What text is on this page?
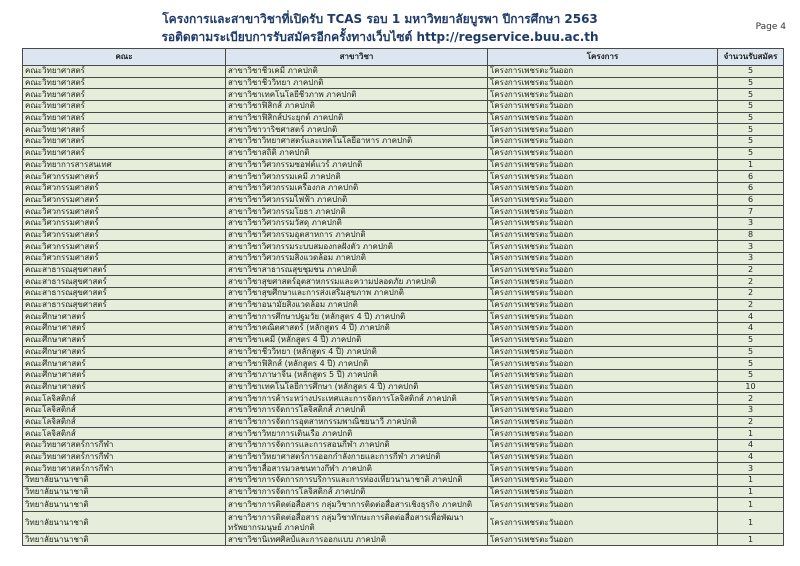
โครงการและสาขาวิชาที่เปิดรับ TCAS รอบ 1 มหาวิทยาลัยบูรพา ปีการศึกษา 2563
รอติดตามระเบียบการรับสมัครอีกครั้งทางเว็บไซต์ http://regservice.buu.ac.th
Page 4
คณะ	สาขาวิชา	โครงการ	จำนวนรับสมัคร
คณะวิทยาศาสตร์	สาขาวิชาชีวเคมี ภาคปกติ	โครงการเพชรตะวันออก	5
คณะวิทยาศาสตร์	สาขาวิชาชีววิทยา ภาคปกติ	โครงการเพชรตะวันออก	5
คณะวิทยาศาสตร์	สาขาวิชาเทคโนโลยีชีวภาพ ภาคปกติ	โครงการเพชรตะวันออก	5
คณะวิทยาศาสตร์	สาขาวิชาฟิสิกส์ ภาคปกติ	โครงการเพชรตะวันออก	5
คณะวิทยาศาสตร์	สาขาวิชาฟิสิกส์ประยุกต์ ภาคปกติ	โครงการเพชรตะวันออก	5
คณะวิทยาศาสตร์	สาขาวิชาวาริชศาสตร์ ภาคปกติ	โครงการเพชรตะวันออก	5
คณะวิทยาศาสตร์	สาขาวิชาวิทยาศาสตร์และเทคโนโลยีอาหาร ภาคปกติ	โครงการเพชรตะวันออก	5
คณะวิทยาศาสตร์	สาขาวิชาสถิติ ภาคปกติ	โครงการเพชรตะวันออก	5
คณะวิทยาการสารสนเทศ	สาขาวิชาวิศวกรรมซอฟต์แวร์ ภาคปกติ	โครงการเพชรตะวันออก	1
คณะวิศวกรรมศาสตร์	สาขาวิชาวิศวกรรมเคมี ภาคปกติ	โครงการเพชรตะวันออก	6
คณะวิศวกรรมศาสตร์	สาขาวิชาวิศวกรรมเครื่องกล ภาคปกติ	โครงการเพชรตะวันออก	6
คณะวิศวกรรมศาสตร์	สาขาวิชาวิศวกรรมไฟฟ้า ภาคปกติ	โครงการเพชรตะวันออก	6
คณะวิศวกรรมศาสตร์	สาขาวิชาวิศวกรรมโยธา ภาคปกติ	โครงการเพชรตะวันออก	7
คณะวิศวกรรมศาสตร์	สาขาวิชาวิศวกรรมวัสดุ ภาคปกติ	โครงการเพชรตะวันออก	3
คณะวิศวกรรมศาสตร์	สาขาวิชาวิศวกรรมอุตสาหการ ภาคปกติ	โครงการเพชรตะวันออก	8
คณะวิศวกรรมศาสตร์	สาขาวิชาวิศวกรรมระบบสมองกลฝังตัว ภาคปกติ	โครงการเพชรตะวันออก	3
คณะวิศวกรรมศาสตร์	สาขาวิชาวิศวกรรมสิ่งแวดล้อม ภาคปกติ	โครงการเพชรตะวันออก	3
คณะสาธารณสุขศาสตร์	สาขาวิชาสาธารณสุขชุมชน ภาคปกติ	โครงการเพชรตะวันออก	2
คณะสาธารณสุขศาสตร์	สาขาวิชาสุขศาสตร์อุตสาหกรรมและความปลอดภัย ภาคปกติ	โครงการเพชรตะวันออก	2
คณะสาธารณสุขศาสตร์	สาขาวิชาสุขศึกษาและการส่งเสริมสุขภาพ ภาคปกติ	โครงการเพชรตะวันออก	2
คณะสาธารณสุขศาสตร์	สาขาวิชาอนามัยสิ่งแวดล้อม ภาคปกติ	โครงการเพชรตะวันออก	2
คณะศึกษาศาสตร์	สาขาวิชาการศึกษาปฐมวัย (หลักสูตร 4 ปี) ภาคปกติ	โครงการเพชรตะวันออก	4
คณะศึกษาศาสตร์	สาขาวิชาคณิตศาสตร์ (หลักสูตร 4 ปี) ภาคปกติ	โครงการเพชรตะวันออก	4
คณะศึกษาศาสตร์	สาขาวิชาเคมี (หลักสูตร 4 ปี) ภาคปกติ	โครงการเพชรตะวันออก	5
คณะศึกษาศาสตร์	สาขาวิชาชีววิทยา (หลักสูตร 4 ปี) ภาคปกติ	โครงการเพชรตะวันออก	5
คณะศึกษาศาสตร์	สาขาวิชาฟิสิกส์ (หลักสูตร 4 ปี) ภาคปกติ	โครงการเพชรตะวันออก	5
คณะศึกษาศาสตร์	สาขาวิชาภาษาจีน (หลักสูตร 5 ปี) ภาคปกติ	โครงการเพชรตะวันออก	5
คณะศึกษาศาสตร์	สาขาวิชาเทคโนโลยีการศึกษา (หลักสูตร 4 ปี) ภาคปกติ	โครงการเพชรตะวันออก	10
คณะโลจิสติกส์	สาขาวิชาการค้าระหว่างประเทศและการจัดการโลจิสติกส์ ภาคปกติ	โครงการเพชรตะวันออก	2
คณะโลจิสติกส์	สาขาวิชาการจัดการโลจิสติกส์ ภาคปกติ	โครงการเพชรตะวันออก	3
คณะโลจิสติกส์	สาขาวิชาการจัดการอุตสาหกรรมพาณิชยนาวี ภาคปกติ	โครงการเพชรตะวันออก	2
คณะโลจิสติกส์	สาขาวิชาวิทยาการเดินเรือ ภาคปกติ	โครงการเพชรตะวันออก	1
คณะวิทยาศาสตร์การกีฬา	สาขาวิชาการจัดการและการสอนกีฬา ภาคปกติ	โครงการเพชรตะวันออก	4
คณะวิทยาศาสตร์การกีฬา	สาขาวิชาวิทยาศาสตร์การออกกำลังกายและการกีฬา ภาคปกติ	โครงการเพชรตะวันออก	4
คณะวิทยาศาสตร์การกีฬา	สาขาวิชาสื่อสารมวลชนทางกีฬา ภาคปกติ	โครงการเพชรตะวันออก	3
วิทยาลัยนานาชาติ	สาขาวิชาการจัดการการบริการและการท่องเที่ยวนานาชาติ ภาคปกติ	โครงการเพชรตะวันออก	1
วิทยาลัยนานาชาติ	สาขาวิชาการจัดการโลจิสติกส์ ภาคปกติ	โครงการเพชรตะวันออก	1
วิทยาลัยนานาชาติ	สาขาวิชาการติดต่อสื่อสาร กลุ่มวิชาการติดต่อสื่อสารเชิงธุรกิจ ภาคปกติ	โครงการเพชรตะวันออก	1
วิทยาลัยนานาชาติ	สาขาวิชาการติดต่อสื่อสาร กลุ่มวิชาทักษะการติดต่อสื่อสารเพื่อพัฒนาทรัพยากรมนุษย์ ภาคปกติ	โครงการเพชรตะวันออก	1
วิทยาลัยนานาชาติ	สาขาวิชานิเทศศิลป์และการออกแบบ ภาคปกติ	โครงการเพชรตะวันออก	1
